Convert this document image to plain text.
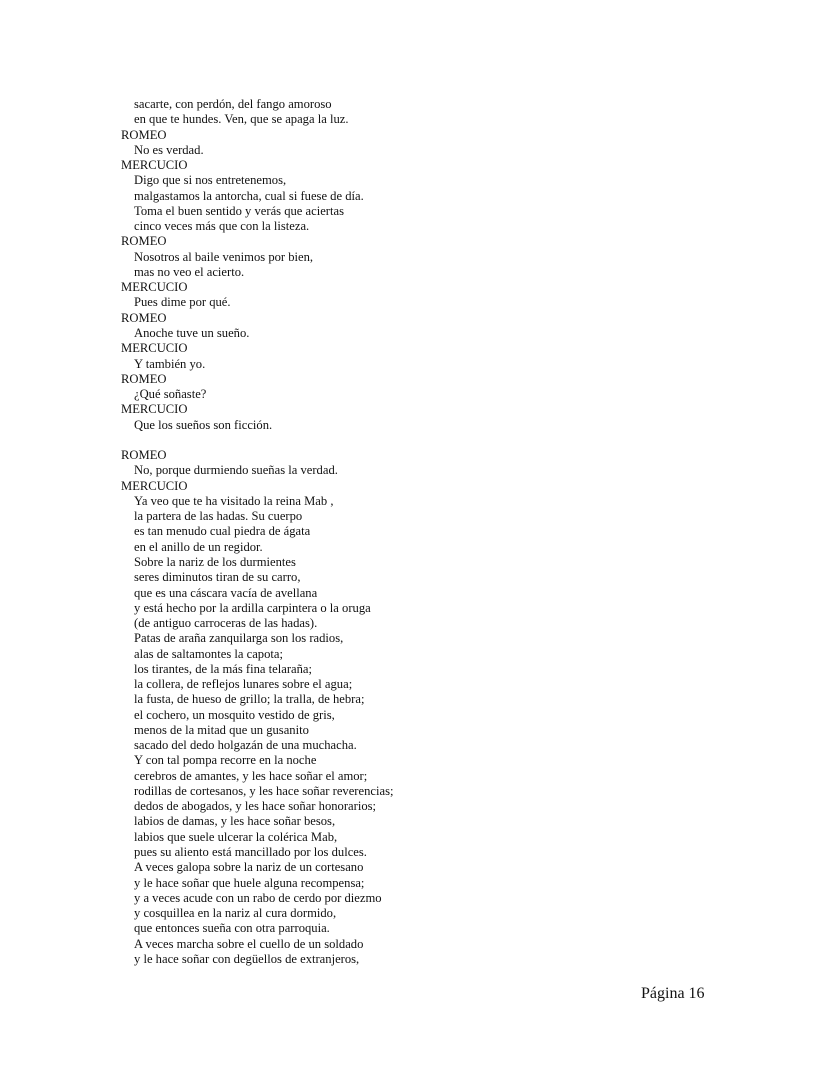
sacarte, con perdón, del fango amoroso
en que te hundes. Ven, que se apaga la luz.
ROMEO
No es verdad.
MERCUCIO
Digo que si nos entretenemos,
malgastamos la antorcha, cual si fuese de día.
Toma el buen sentido y verás que aciertas
cinco veces más que con la listeza.
ROMEO
Nosotros al baile venimos por bien,
mas no veo el acierto.
MERCUCIO
Pues dime por qué.
ROMEO
Anoche tuve un sueño.
MERCUCIO
Y también yo.
ROMEO
¿Qué soñaste?
MERCUCIO
Que los sueños son ficción.
ROMEO
No, porque durmiendo sueñas la verdad.
MERCUCIO
Ya veo que te ha visitado la reina Mab ,
la partera de las hadas. Su cuerpo
es tan menudo cual piedra de ágata
en el anillo de un regidor.
Sobre la nariz de los durmientes
seres diminutos tiran de su carro,
que es una cáscara vacía de avellana
y está hecho por la ardilla carpintera o la oruga
(de antiguo carroceras de las hadas).
Patas de araña zanquilarga son los radios,
alas de saltamontes la capota;
los tirantes, de la más fina telaraña;
la collera, de reflejos lunares sobre el agua;
la fusta, de hueso de grillo; la tralla, de hebra;
el cochero, un mosquito vestido de gris,
menos de la mitad que un gusanito
sacado del dedo holgazán de una muchacha.
Y con tal pompa recorre en la noche
cerebros de amantes, y les hace soñar el amor;
rodillas de cortesanos, y les hace soñar reverencias;
dedos de abogados, y les hace soñar honorarios;
labios de damas, y les hace soñar besos,
labios que suele ulcerar la colérica Mab,
pues su aliento está mancillado por los dulces.
A veces galopa sobre la nariz de un cortesano
y le hace soñar que huele alguna recompensa;
y a veces acude con un rabo de cerdo por diezmo
y cosquillea en la nariz al cura dormido,
que entonces sueña con otra parroquia.
A veces marcha sobre el cuello de un soldado
y le hace soñar con degüellos de extranjeros,
Página 16
